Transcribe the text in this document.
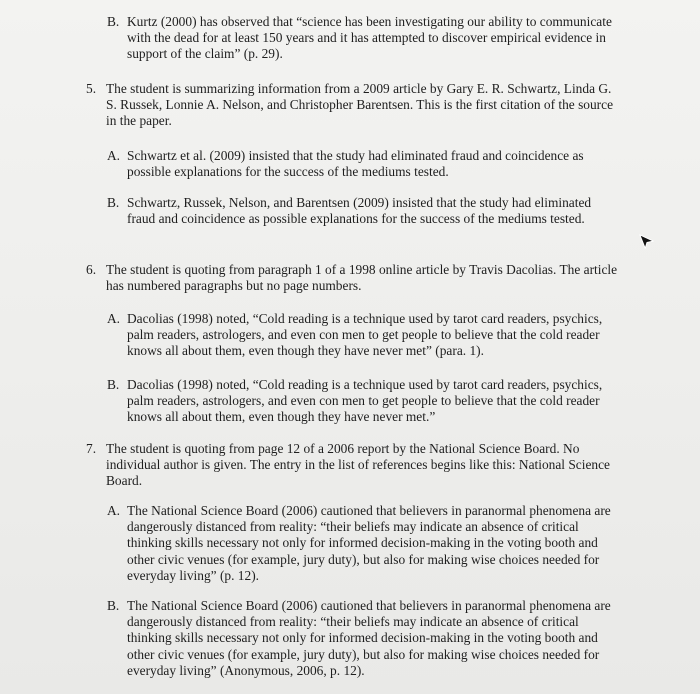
B. Kurtz (2000) has observed that “science has been investigating our ability to communicate with the dead for at least 150 years and it has attempted to discover empirical evidence in support of the claim” (p. 29).
5. The student is summarizing information from a 2009 article by Gary E. R. Schwartz, Linda G. S. Russek, Lonnie A. Nelson, and Christopher Barentsen. This is the first citation of the source in the paper.
A. Schwartz et al. (2009) insisted that the study had eliminated fraud and coincidence as possible explanations for the success of the mediums tested.
B. Schwartz, Russek, Nelson, and Barentsen (2009) insisted that the study had eliminated fraud and coincidence as possible explanations for the success of the mediums tested.
6. The student is quoting from paragraph 1 of a 1998 online article by Travis Dacolias. The article has numbered paragraphs but no page numbers.
A. Dacolias (1998) noted, “Cold reading is a technique used by tarot card readers, psychics, palm readers, astrologers, and even con men to get people to believe that the cold reader knows all about them, even though they have never met” (para. 1).
B. Dacolias (1998) noted, “Cold reading is a technique used by tarot card readers, psychics, palm readers, astrologers, and even con men to get people to believe that the cold reader knows all about them, even though they have never met.”
7. The student is quoting from page 12 of a 2006 report by the National Science Board. No individual author is given. The entry in the list of references begins like this: National Science Board.
A. The National Science Board (2006) cautioned that believers in paranormal phenomena are dangerously distanced from reality: “their beliefs may indicate an absence of critical thinking skills necessary not only for informed decision-making in the voting booth and other civic venues (for example, jury duty), but also for making wise choices needed for everyday living” (p. 12).
B. The National Science Board (2006) cautioned that believers in paranormal phenomena are dangerously distanced from reality: “their beliefs may indicate an absence of critical thinking skills necessary not only for informed decision-making in the voting booth and other civic venues (for example, jury duty), but also for making wise choices needed for everyday living” (Anonymous, 2006, p. 12).
